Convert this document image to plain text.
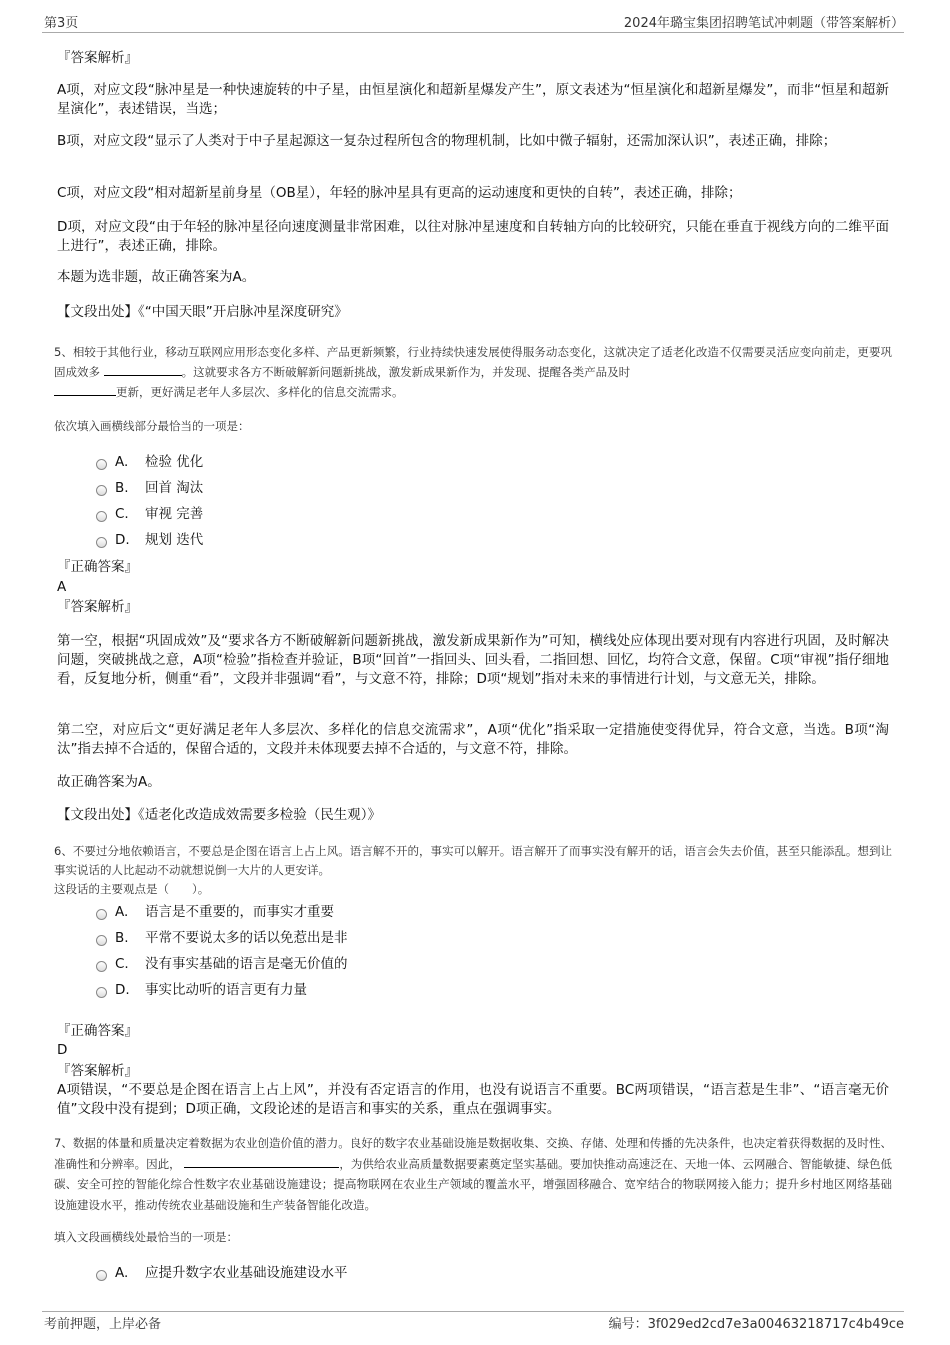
第3页	2024年璐宝集团招聘笔试冲刺题（带答案解析）
『答案解析』
A项，对应文段“脉冲星是一种快速旋转的中子星，由恒星演化和超新星爆发产生”，原文表述为“恒星演化和超新星爆发”，而非“恒星和超新星演化”，表述错误，当选；
B项，对应文段“显示了人类对于中子星起源这一复杂过程所包含的物理机制，比如中微子辐射，还需加深认识”，表述正确，排除；
C项，对应文段“相对超新星前身星（OB星），年轻的脉冲星具有更高的运动速度和更快的自转”，表述正确，排除；
D项，对应文段“由于年轻的脉冲星径向速度测量非常困难，以往对脉冲星速度和自转轴方向的比较研究，只能在垂直于视线方向的二维平面上进行”，表述正确，排除。
本题为选非题，故正确答案为A。
【文段出处】《“中国天眼”开启脉冲星深度研究》
5、相较于其他行业，移动互联网应用形态变化多样、产品更新频繁，行业持续快速发展使得服务动态变化，这就决定了适老化改造不仅需要灵活应变向前走，更要巩固成效多	。这就要求各方不断破解新问题新挑战，激发新成果新作为，并发现、提醒各类产品及时
更新，更好满足老年人多层次、多样化的信息交流需求。
依次填入画横线部分最恰当的一项是：
A.	检验 优化
B.	回首 淘汰
C.	审视 完善
D.	规划 迭代
『正确答案』
A
『答案解析』
第一空，根据“巩固成效”及“要求各方不断破解新问题新挑战，激发新成果新作为”可知，横线处应体现出要对现有内容进行巩固，及时解决问题，突破挑战之意，A项“检验”指检查并验证，B项“回首”一指回头、回头看，二指回想、回忆，均符合文意，保留。C项“审视”指仔细地看，反复地分析，侧重“看”，文段并非强调“看”，与文意不符，排除；D项“规划”指对未来的事情进行计划，与文意无关，排除。
第二空，对应后文“更好满足老年人多层次、多样化的信息交流需求”，A项“优化”指采取一定措施使变得优异，符合文意，当选。B项“淘汰”指去掉不合适的，保留合适的，文段并未体现要去掉不合适的，与文意不符，排除。
故正确答案为A。
【文段出处】《适老化改造成效需要多检验（民生观）》
6、不要过分地依赖语言，不要总是企图在语言上占上风。语言解不开的，事实可以解开。语言解开了而事实没有解开的话，语言会失去价值，甚至只能添乱。想到让事实说话的人比起动不动就想说倒一大片的人更安详。
这段话的主要观点是（　　）。
A.	语言是不重要的，而事实才重要
B.	平常不要说太多的话以免惹出是非
C.	没有事实基础的语言是毫无价值的
D.	事实比动听的语言更有力量
『正确答案』
D
『答案解析』
A项错误，“不要总是企图在语言上占上风”，并没有否定语言的作用，也没有说语言不重要。BC两项错误，“语言惹是生非”、“语言毫无价值”文段中没有提到；D项正确，文段论述的是语言和事实的关系，重点在强调事实。
7、数据的体量和质量决定着数据为农业创造价值的潜力。良好的数字农业基础设施是数据收集、交换、存储、处理和传播的先决条件，也决定着获得数据的及时性、准确性和分辨率。因此，	，为供给农业高质量数据要素奠定坚实基础。要加快推动高速泛在、天地一体、云网融合、智能敏捷、绿色低碳、安全可控的智能化综合性数字农业基础设施建设；提高物联网在农业生产领域的覆盖水平，增强固移融合、宽窄结合的物联网接入能力；提升乡村地区网络基础设施建设水平，推动传统农业基础设施和生产装备智能化改造。
填入文段画横线处最恰当的一项是：
A.	应提升数字农业基础设施建设水平
考前押题，上岸必备	编号：3f029ed2cd7e3a00463218717c4b49ce
